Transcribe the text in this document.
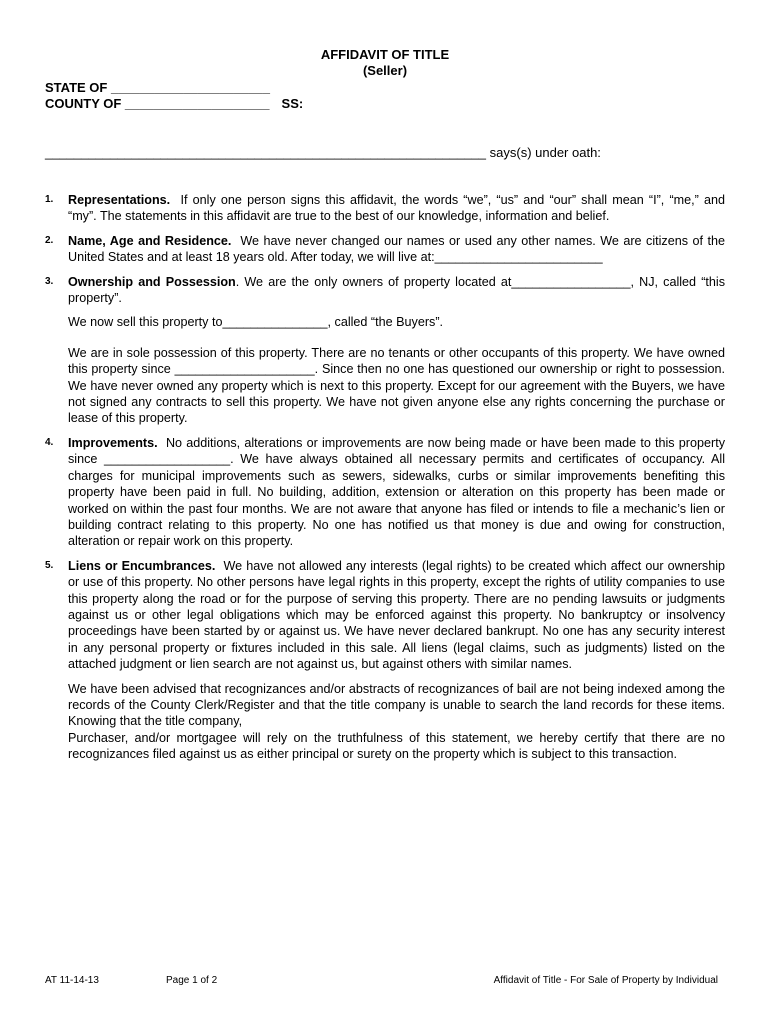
AFFIDAVIT OF TITLE
(Seller)
STATE OF ______________________
COUNTY OF ____________________ SS:
_____________________________________________________________ says(s) under oath:
1. Representations. If only one person signs this affidavit, the words “we”, “us” and “our” shall mean “I”, “me,” and “my”. The statements in this affidavit are true to the best of our knowledge, information and belief.

2. Name, Age and Residence. We have never changed our names or used any other names. We are citizens of the United States and at least 18 years old. After today, we will live at:________________________

3. Ownership and Possession. We are the only owners of property located at_________________, NJ, called “this property”.

We now sell this property to_______________, called “the Buyers”.

We are in sole possession of this property. There are no tenants or other occupants of this property. We have owned this property since ____________________. Since then no one has questioned our ownership or right to possession. We have never owned any property which is next to this property. Except for our agreement with the Buyers, we have not signed any contracts to sell this property. We have not given anyone else any rights concerning the purchase or lease of this property.

4. Improvements. No additions, alterations or improvements are now being made or have been made to this property since __________________. We have always obtained all necessary permits and certificates of occupancy. All charges for municipal improvements such as sewers, sidewalks, curbs or similar improvements benefiting this property have been paid in full. No building, addition, extension or alteration on this property has been made or worked on within the past four months. We are not aware that anyone has filed or intends to file a mechanic’s lien or building contract relating to this property. No one has notified us that money is due and owing for construction, alteration or repair work on this property.

5. Liens or Encumbrances. We have not allowed any interests (legal rights) to be created which affect our ownership or use of this property. No other persons have legal rights in this property, except the rights of utility companies to use this property along the road or for the purpose of serving this property. There are no pending lawsuits or judgments against us or other legal obligations which may be enforced against this property. No bankruptcy or insolvency proceedings have been started by or against us. We have never declared bankrupt. No one has any security interest in any personal property or fixtures included in this sale. All liens (legal claims, such as judgments) listed on the attached judgment or lien search are not against us, but against others with similar names.

We have been advised that recognizances and/or abstracts of recognizances of bail are not being indexed among the records of the County Clerk/Register and that the title company is unable to search the land records for these items. Knowing that the title company,

Purchaser, and/or mortgagee will rely on the truthfulness of this statement, we hereby certify that there are no recognizances filed against us as either principal or surety on the property which is subject to this transaction.

AT 11-14-13	Page 1 of 2	Affidavit of Title - For Sale of Property by Individual
